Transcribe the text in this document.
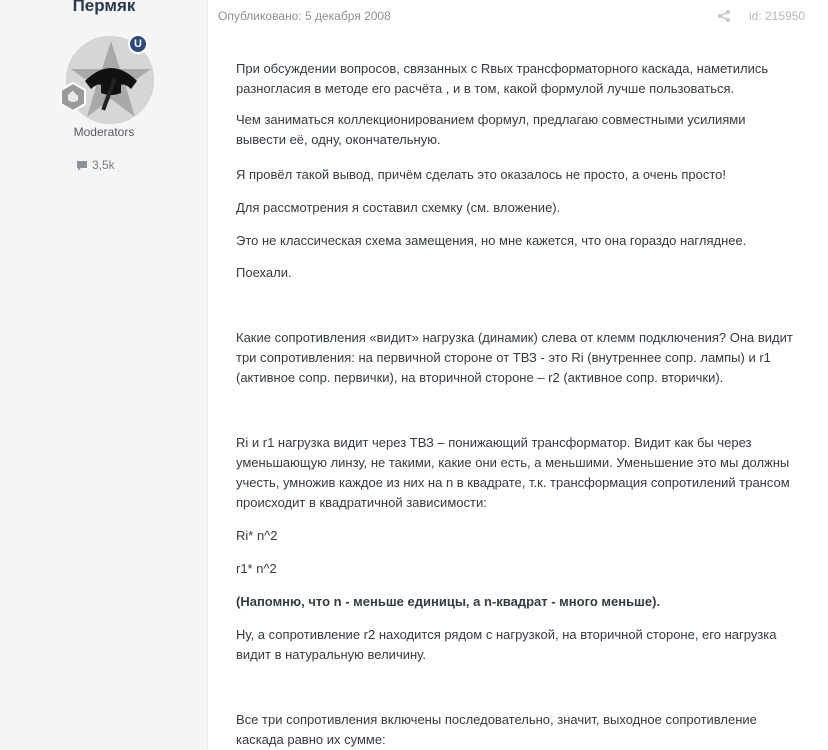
Пермяк
U
Moderators
3,5k
Опубликовано: 5 декабря 2008	id: 215950

При обсуждении вопросов, связанных с Rвых трансформаторного каскада, наметились разногласия в методе его расчёта , и в том, какой формулой лучше пользоваться.

Чем заниматься коллекционированием формул, предлагаю совместными усилиями вывести её, одну, окончательную.

Я провёл такой вывод, причём сделать это оказалось не просто, а очень просто!

Для рассмотрения я составил схемку (см. вложение).

Это не классическая схема замещения, но мне кажется, что она гораздо нагляднее.

Поехали.

Какие сопротивления «видит» нагрузка (динамик) слева от клемм подключения? Она видит три сопротивления: на первичной стороне от ТВЗ - это Ri (внутреннее сопр. лампы) и r1 (активное сопр. первички), на вторичной стороне – r2 (активное сопр. вторички).

Ri и r1 нагрузка видит через ТВЗ – понижающий трансформатор. Видит как бы через уменьшающую линзу, не такими, какие они есть, а меньшими. Уменьшение это мы должны учесть, умножив каждое из них на n в квадрате, т.к. трансформация сопротилений трансом происходит в квадратичной зависимости:

Ri* n^2

r1* n^2

(Напомню, что n - меньше единицы, а n-квадрат - много меньше).

Ну, а сопротивление r2 находится рядом с нагрузкой, на вторичной стороне, его нагрузка видит в натуральную величину.

Все три сопротивления включены последовательно, значит, выходное сопротивление каскада равно их сумме:
